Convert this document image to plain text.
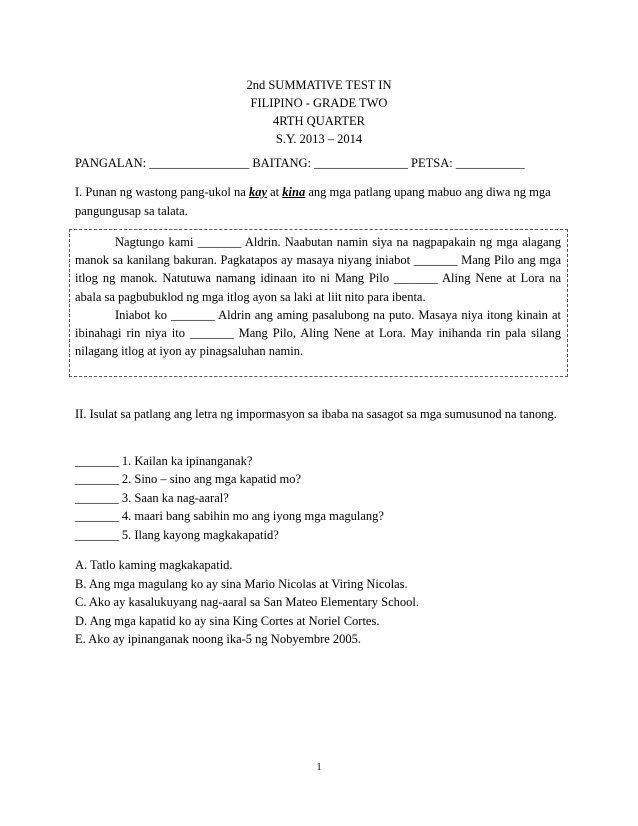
2nd SUMMATIVE TEST IN
FILIPINO - GRADE TWO
4RTH QUARTER
S.Y. 2013 – 2014
PANGALAN: ________________ BAITANG: _______________ PETSA: ___________
I. Punan ng wastong pang-ukol na kay at kina ang mga patlang upang mabuo ang diwa ng mga pangungusap sa talata.

Nagtungo kami _______ Aldrin. Naabutan namin siya na nagpapakain ng mga alagang manok sa kanilang bakuran. Pagkatapos ay masaya niyang iniabot _______ Mang Pilo ang mga itlog ng manok. Natutuwa namang idinaan ito ni Mang Pilo _______ Aling Nene at Lora na abala sa pagbubuklod ng mga itlog ayon sa laki at liit nito para ibenta.

Iniabot ko _______ Aldrin ang aming pasalubong na puto. Masaya niya itong kinain at ibinahagi rin niya ito _______ Mang Pilo, Aling Nene at Lora. May inihanda rin pala silang nilagang itlog at iyon ay pinagsaluhan namin.

II. Isulat sa patlang ang letra ng impormasyon sa ibaba na sasagot sa mga sumusunod na tanong.
_______ 1. Kailan ka ipinanganak?
_______ 2. Sino – sino ang mga kapatid mo?
_______ 3. Saan ka nag-aaral?
_______ 4. maari bang sabihin mo ang iyong mga magulang?
_______ 5. Ilang kayong magkakapatid?
A. Tatlo kaming magkakapatid.
B. Ang mga magulang ko ay sina Mario Nicolas at Viring Nicolas.
C. Ako ay kasalukuyang nag-aaral sa San Mateo Elementary School.
D. Ang mga kapatid ko ay sina King Cortes at Noriel Cortes.
E. Ako ay ipinanganak noong ika-5 ng Nobyembre 2005.
1
